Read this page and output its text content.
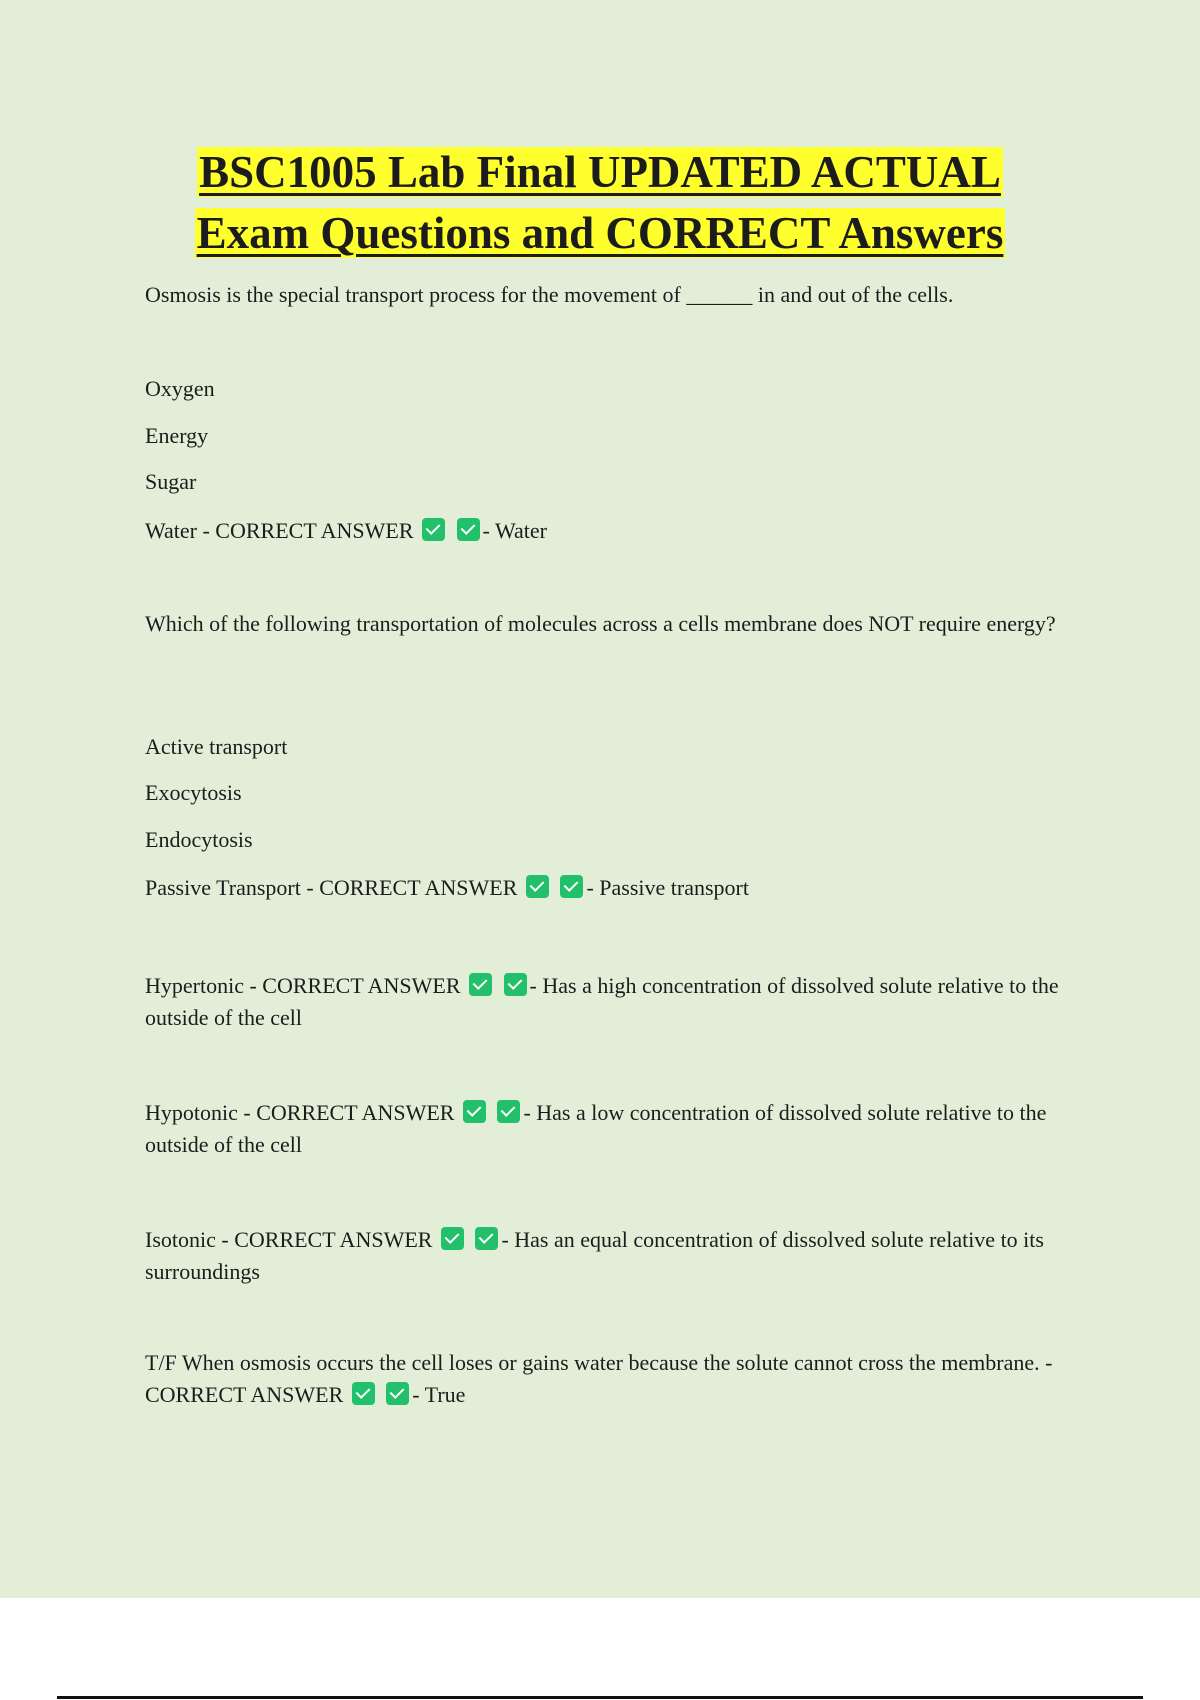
BSC1005 Lab Final UPDATED ACTUAL
Exam Questions and CORRECT Answers

Osmosis is the special transport process for the movement of ______ in and out of the cells.

Oxygen

Energy

Sugar

Water - CORRECT ANSWER	- Water

Which of the following transportation of molecules across a cells membrane does NOT require energy?

Active transport

Exocytosis

Endocytosis

Passive Transport - CORRECT ANSWER	- Passive transport

Hypertonic - CORRECT ANSWER	- Has a high concentration of dissolved solute relative to the outside of the cell

Hypotonic - CORRECT ANSWER	- Has a low concentration of dissolved solute relative to the outside of the cell

Isotonic - CORRECT ANSWER	- Has an equal concentration of dissolved solute relative to its surroundings

T/F When osmosis occurs the cell loses or gains water because the solute cannot cross the membrane. - CORRECT ANSWER	- True
